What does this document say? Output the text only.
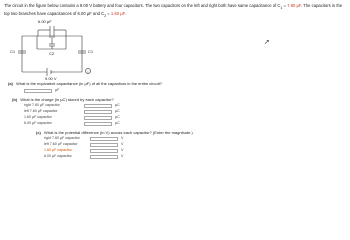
The circuit in the figure below contains a 9.00 V battery and four capacitors. The two capacitors on the left and right both have same capacitance of $C_1 = 7.60$ µF. The capacitors in the top two branches have capacitances of 6.00 µF and $C_2 = 1.60$ µF.
6.00 µF
C1	C2	C1
9.00 V
i
➚
(a) What is the equivalent capacitance (in µF) of all the capacitors in the entire circuit?
µF
(b) What is the charge (in µC) stored by each capacitor?
right 7.60 µF capacitor	µC
left 7.60 µF capacitor	µC
1.60 µF capacitor	µC
6.00 µF capacitor	µC
(c) What is the potential difference (in V) across each capacitor? (Enter the magnitude.)
right 7.60 µF capacitor	V
left 7.60 µF capacitor	V
1.60 µF capacitor	V
6.00 µF capacitor	V
